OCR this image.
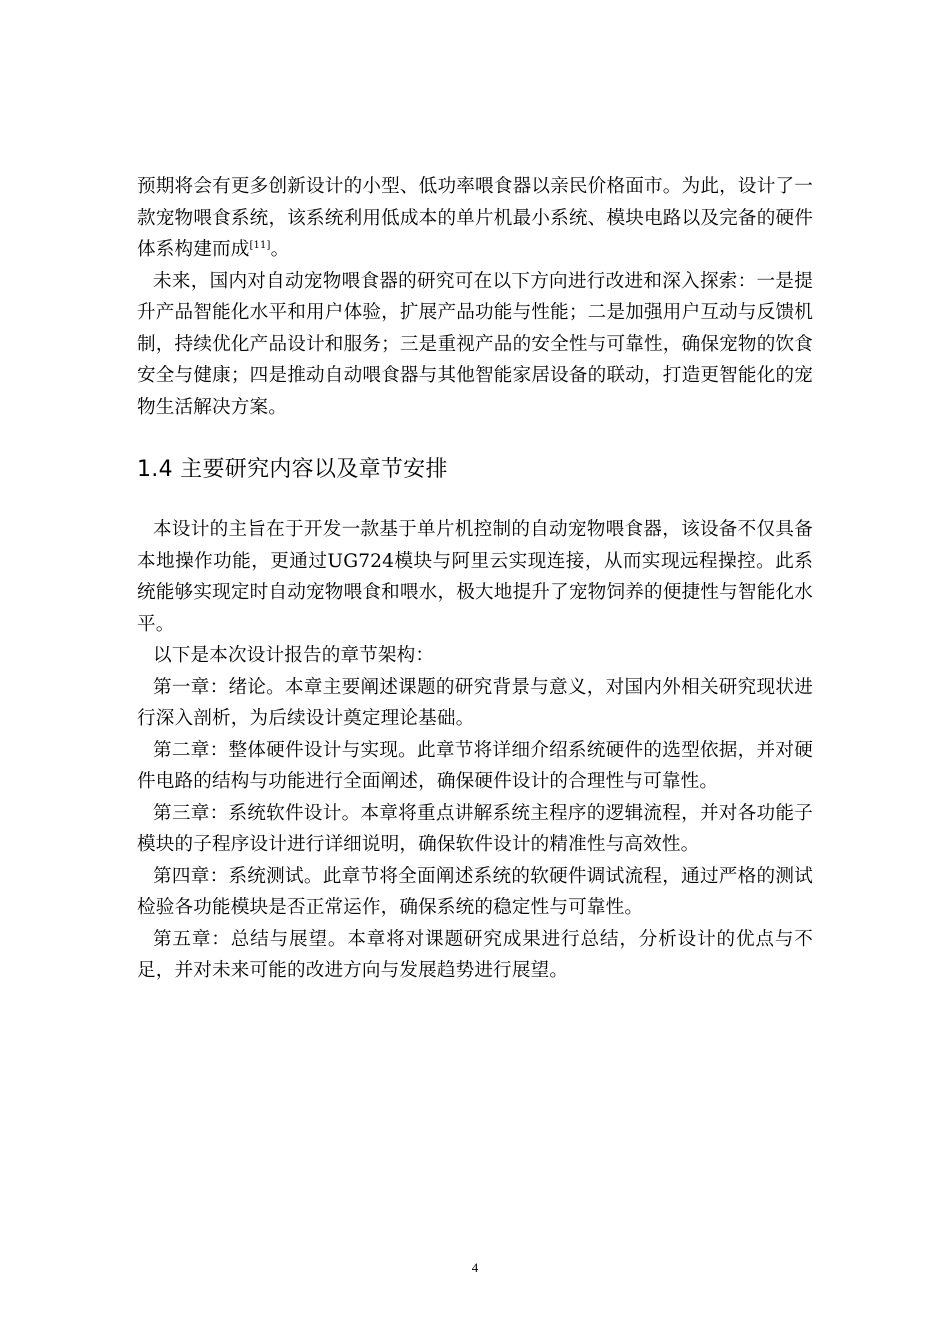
预期将会有更多创新设计的小型、低功率喂食器以亲民价格面市。为此，设计了一款宠物喂食系统，该系统利用低成本的单片机最小系统、模块电路以及完备的硬件体系构建而成[11]。

未来，国内对自动宠物喂食器的研究可在以下方向进行改进和深入探索：一是提升产品智能化水平和用户体验，扩展产品功能与性能；二是加强用户互动与反馈机制，持续优化产品设计和服务；三是重视产品的安全性与可靠性，确保宠物的饮食安全与健康；四是推动自动喂食器与其他智能家居设备的联动，打造更智能化的宠物生活解决方案。

1.4 主要研究内容以及章节安排

本设计的主旨在于开发一款基于单片机控制的自动宠物喂食器，该设备不仅具备本地操作功能，更通过UG724模块与阿里云实现连接，从而实现远程操控。此系统能够实现定时自动宠物喂食和喂水，极大地提升了宠物饲养的便捷性与智能化水平。

以下是本次设计报告的章节架构：

第一章：绪论。本章主要阐述课题的研究背景与意义，对国内外相关研究现状进行深入剖析，为后续设计奠定理论基础。

第二章：整体硬件设计与实现。此章节将详细介绍系统硬件的选型依据，并对硬件电路的结构与功能进行全面阐述，确保硬件设计的合理性与可靠性。

第三章：系统软件设计。本章将重点讲解系统主程序的逻辑流程，并对各功能子模块的子程序设计进行详细说明，确保软件设计的精准性与高效性。

第四章：系统测试。此章节将全面阐述系统的软硬件调试流程，通过严格的测试检验各功能模块是否正常运作，确保系统的稳定性与可靠性。

第五章：总结与展望。本章将对课题研究成果进行总结，分析设计的优点与不足，并对未来可能的改进方向与发展趋势进行展望。

4
